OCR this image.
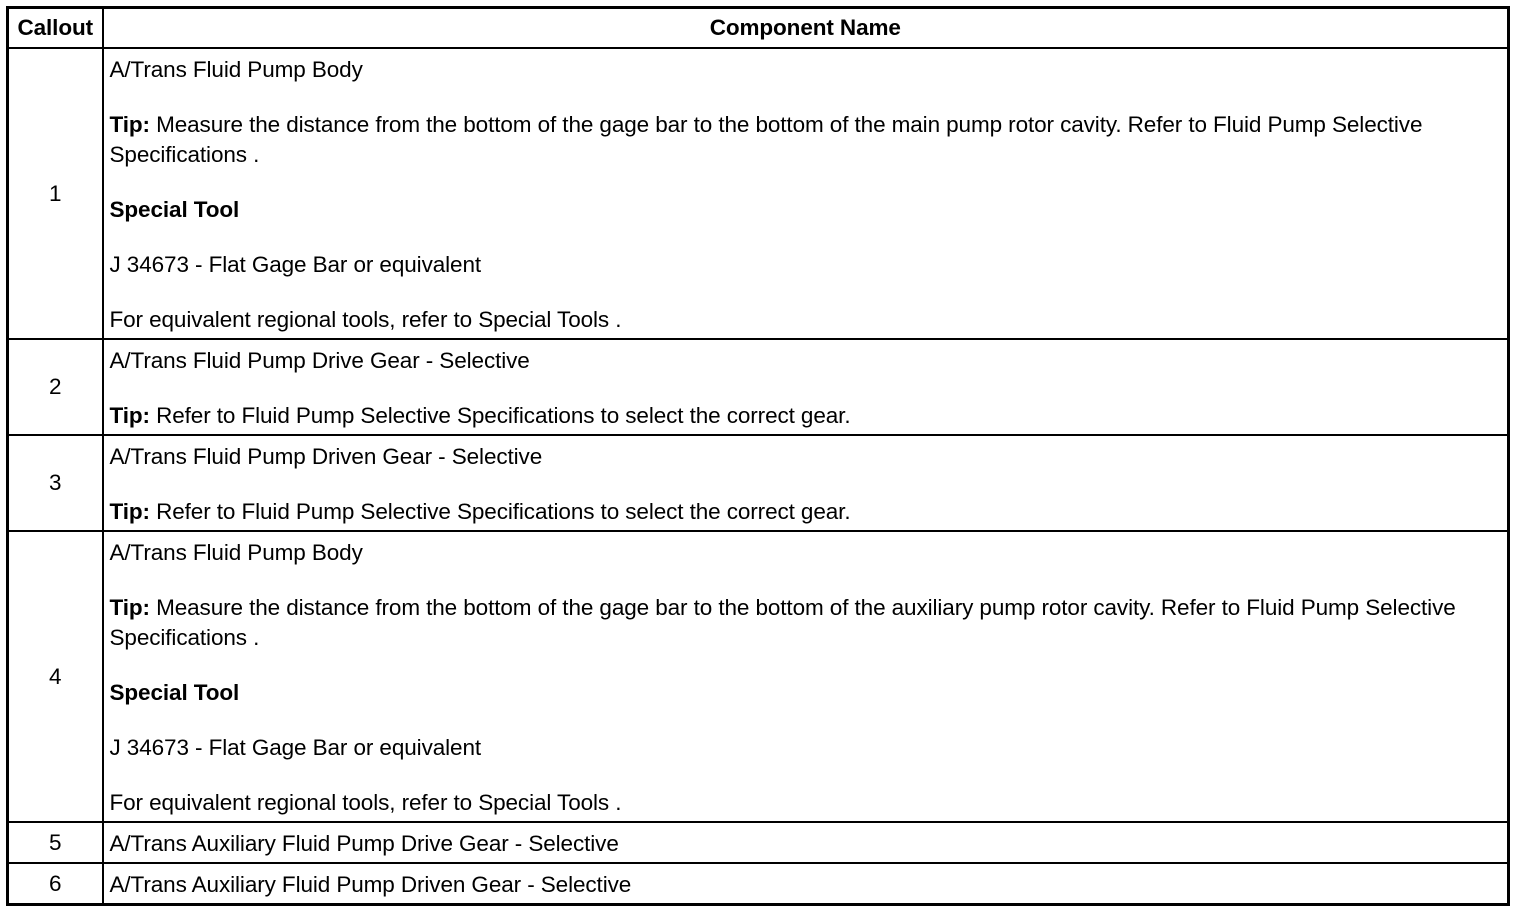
Callout	Component Name
1	A/Trans Fluid Pump Body
Tip: Measure the distance from the bottom of the gage bar to the bottom of the main pump rotor cavity. Refer to Fluid Pump Selective Specifications .
Special Tool
J 34673 - Flat Gage Bar or equivalent
For equivalent regional tools, refer to Special Tools .

2	A/Trans Fluid Pump Drive Gear - Selective
Tip: Refer to Fluid Pump Selective Specifications to select the correct gear.

3	A/Trans Fluid Pump Driven Gear - Selective
Tip: Refer to Fluid Pump Selective Specifications to select the correct gear.

4	A/Trans Fluid Pump Body
Tip: Measure the distance from the bottom of the gage bar to the bottom of the auxiliary pump rotor cavity. Refer to Fluid Pump Selective Specifications .
Special Tool
J 34673 - Flat Gage Bar or equivalent
For equivalent regional tools, refer to Special Tools .

5	A/Trans Auxiliary Fluid Pump Drive Gear - Selective

6	A/Trans Auxiliary Fluid Pump Driven Gear - Selective
